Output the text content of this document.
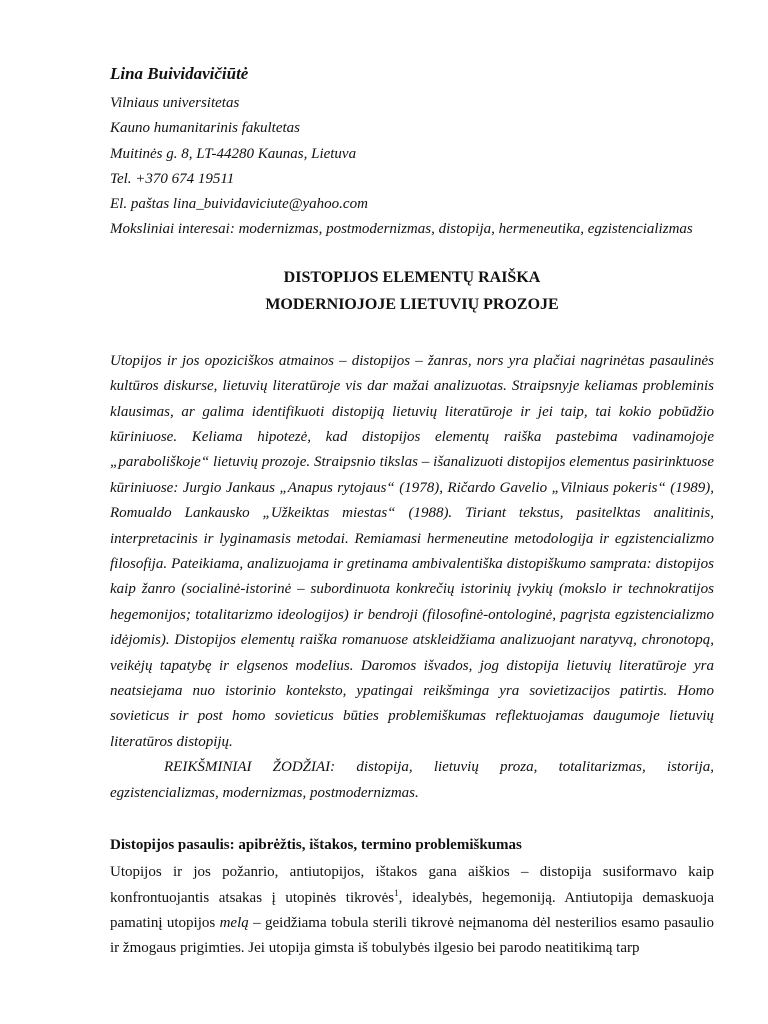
Lina Buividavičiūtė
Vilniaus universitetas
Kauno humanitarinis fakultetas
Muitinės g. 8, LT-44280 Kaunas, Lietuva
Tel. +370 674 19511
El. paštas lina_buividaviciute@yahoo.com
Moksliniai interesai: modernizmas, postmodernizmas, distopija, hermeneutika, egzistencializmas
DISTOPIJOS ELEMENTŲ RAIŠKA
MODERNIOJOJE LIETUVIŲ PROZOJE

Utopijos ir jos opoziciškos atmainos – distopijos – žanras, nors yra plačiai nagrinėtas pasaulinės kultūros diskurse, lietuvių literatūroje vis dar mažai analizuotas. Straipsnyje keliamas probleminis klausimas, ar galima identifikuoti distopiją lietuvių literatūroje ir jei taip, tai kokio pobūdžio kūriniuose. Keliama hipotezė, kad distopijos elementų raiška pastebima vadinamojoje „paraboliškoje“ lietuvių prozoje. Straipsnio tikslas – išanalizuoti distopijos elementus pasirinktuose kūriniuose: Jurgio Jankaus „Anapus rytojaus“ (1978), Ričardo Gavelio „Vilniaus pokeris“ (1989), Romualdo Lankausko „Užkeiktas miestas“ (1988). Tiriant tekstus, pasitelktas analitinis, interpretacinis ir lyginamasis metodai. Remiamasi hermeneutine metodologija ir egzistencializmo filosofija. Pateikiama, analizuojama ir gretinama ambivalentiška distopiškumo samprata: distopijos kaip žanro (socialinė-istorinė – subordinuota konkrečių istorinių įvykių (mokslo ir technokratijos hegemonijos; totalitarizmo ideologijos) ir bendroji (filosofinė-ontologinė, pagrįsta egzistencializmo idėjomis). Distopijos elementų raiška romanuose atskleidžiama analizuojant naratyvą, chronotopą, veikėjų tapatybę ir elgsenos modelius. Daromos išvados, jog distopija lietuvių literatūroje yra neatsiejama nuo istorinio konteksto, ypatingai reikšminga yra sovietizacijos patirtis. Homo sovieticus ir post homo sovieticus būties problemiškumas reflektuojamas daugumoje lietuvių literatūros distopijų.

REIKŠMINIAI ŽODŽIAI: distopija, lietuvių proza, totalitarizmas, istorija, egzistencializmas, modernizmas, postmodernizmas.

Distopijos pasaulis: apibrėžtis, ištakos, termino problemiškumas

Utopijos ir jos požanrio, antiutopijos, ištakos gana aiškios – distopija susiformavo kaip konfrontuojantis atsakas į utopinės tikrovės$^1$, idealybės, hegemoniją. Antiutopija demaskuoja pamatinį utopijos melą – geidžiama tobula sterili tikrovė neįmanoma dėl nesterilios esamo pasaulio ir žmogaus prigimties. Jei utopija gimsta iš tobulybės ilgesio bei parodo neatitikimą tarp
